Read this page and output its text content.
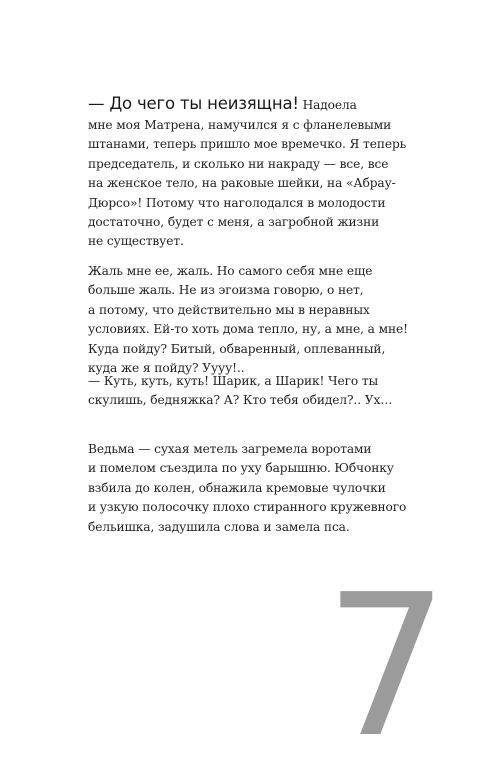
— До чего ты неизящна! Надоела
мне моя Матрена, намучился я с фланелевыми
штанами, теперь пришло мое времечко. Я теперь
председатель, и сколько ни накраду — все, все
на женское тело, на раковые шейки, на «Абрау-
Дюрсо»! Потому что наголодался в молодости
достаточно, будет с меня, а загробной жизни
не существует.
Жаль мне ее, жаль. Но самого себя мне еще
больше жаль. Не из эгоизма говорю, о нет,
а потому, что действительно мы в неравных
условиях. Ей-то хоть дома тепло, ну, а мне, а мне!
Куда пойду? Битый, обваренный, оплеванный,
куда же я пойду? Уууу!..
— Куть, куть, куть! Шарик, а Шарик! Чего ты
скулишь, бедняжка? А? Кто тебя обидел?.. Ух…
Ведьма — сухая метель загремела воротами
и помелом съездила по уху барышню. Юбчонку
взбила до колен, обнажила кремовые чулочки
и узкую полосочку плохо стиранного кружевного
бельишка, задушила слова и замела пса.
7
